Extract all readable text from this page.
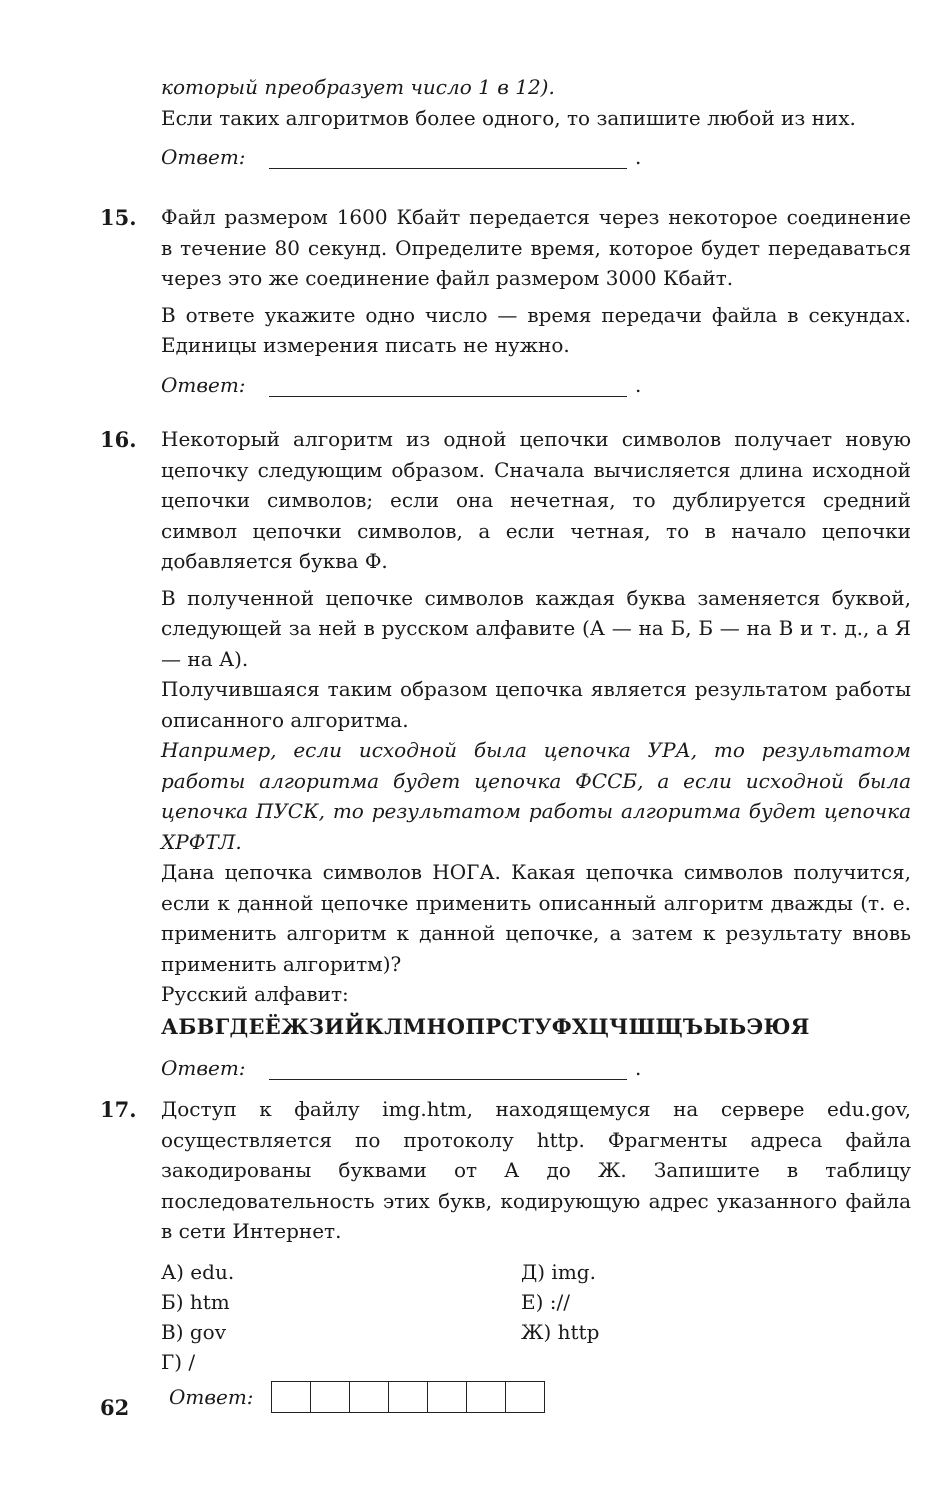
который преобразует число 1 в 12).

Если таких алгоритмов более одного, то запишите любой из них.

Ответ:	.
15. Файл размером 1600 Кбайт передается через некоторое соединение в течение 80 секунд. Определите время, которое будет передаваться через это же соединение файл размером 3000 Кбайт.

В ответе укажите одно число — время передачи файла в секундах. Единицы измерения писать не нужно.

Ответ:	.
16. Некоторый алгоритм из одной цепочки символов получает новую цепочку следующим образом. Сначала вычисляется длина исходной цепочки символов; если она нечетная, то дублируется средний символ цепочки символов, а если четная, то в начало цепочки добавляется буква Ф.

В полученной цепочке символов каждая буква заменяется буквой, следующей за ней в русском алфавите (А — на Б, Б — на В и т. д., а Я — на А).

Получившаяся таким образом цепочка является результатом работы описанного алгоритма.

Например, если исходной была цепочка УРА, то результатом работы алгоритма будет цепочка ФССБ, а если исходной была цепочка ПУСК, то результатом работы алгоритма будет цепочка ХРФТЛ.

Дана цепочка символов НОГА. Какая цепочка символов получится, если к данной цепочке применить описанный алгоритм дважды (т. е. применить алгоритм к данной цепочке, а затем к результату вновь применить алгоритм)?

Русский алфавит:

АБВГДЕЁЖЗИЙКЛМНОПРСТУФХЦЧШЩЪЫЬЭЮЯ
Ответ:	.
17. Доступ к файлу img.htm, находящемуся на сервере edu.gov, осуществляется по протоколу http. Фрагменты адреса файла закодированы буквами от А до Ж. Запишите в таблицу последовательность этих букв, кодирующую адрес указанного файла в сети Интернет.

А) edu.	Д) img.
Б) htm	Е) ://
В) gov	Ж) http
Г) /
Ответ:
62
